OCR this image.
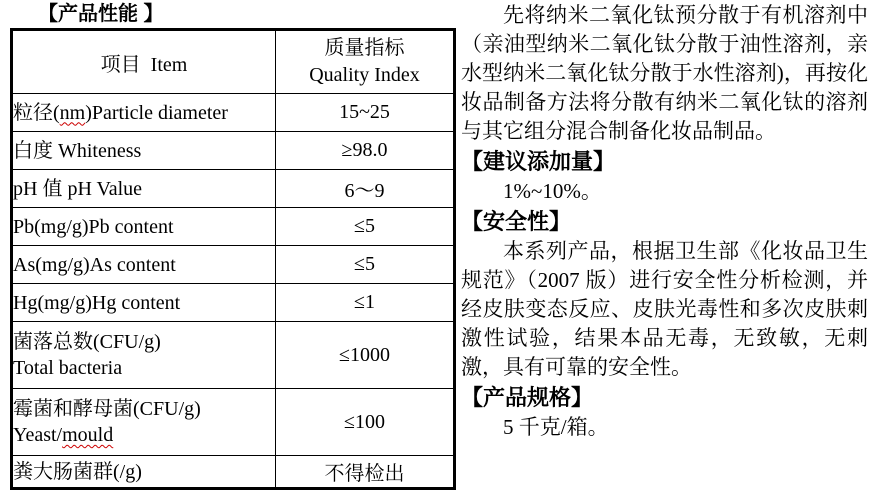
【产品性能 】
项目  Item	质量指标
Quality Index

粒径(nm)Particle diameter	15~25
白度 Whiteness	≥98.0
pH 值 pH Value	6～9
Pb(mg/g)Pb content	≤5
As(mg/g)As content	≤5
Hg(mg/g)Hg content	≤1

菌落总数(CFU/g)
Total bacteria	≤1000

霉菌和酵母菌(CFU/g)
Yeast/mould	≤100
粪大肠菌群(/g)	不得检出

先将纳米二氧化钛预分散于有机溶剂中（亲油型纳米二氧化钛分散于油性溶剂，亲水型纳米二氧化钛分散于水性溶剂)，再按化妆品制备方法将分散有纳米二氧化钛的溶剂与其它组分混合制备化妆品制品。

【建议添加量】

1%~10%。

【安全性】

本系列产品，根据卫生部《化妆品卫生规范》（2007 版）进行安全性分析检测，并经皮肤变态反应、皮肤光毒性和多次皮肤刺激性试验，结果本品无毒，无致敏，无刺激，具有可靠的安全性。

【产品规格】

5 千克/箱。
